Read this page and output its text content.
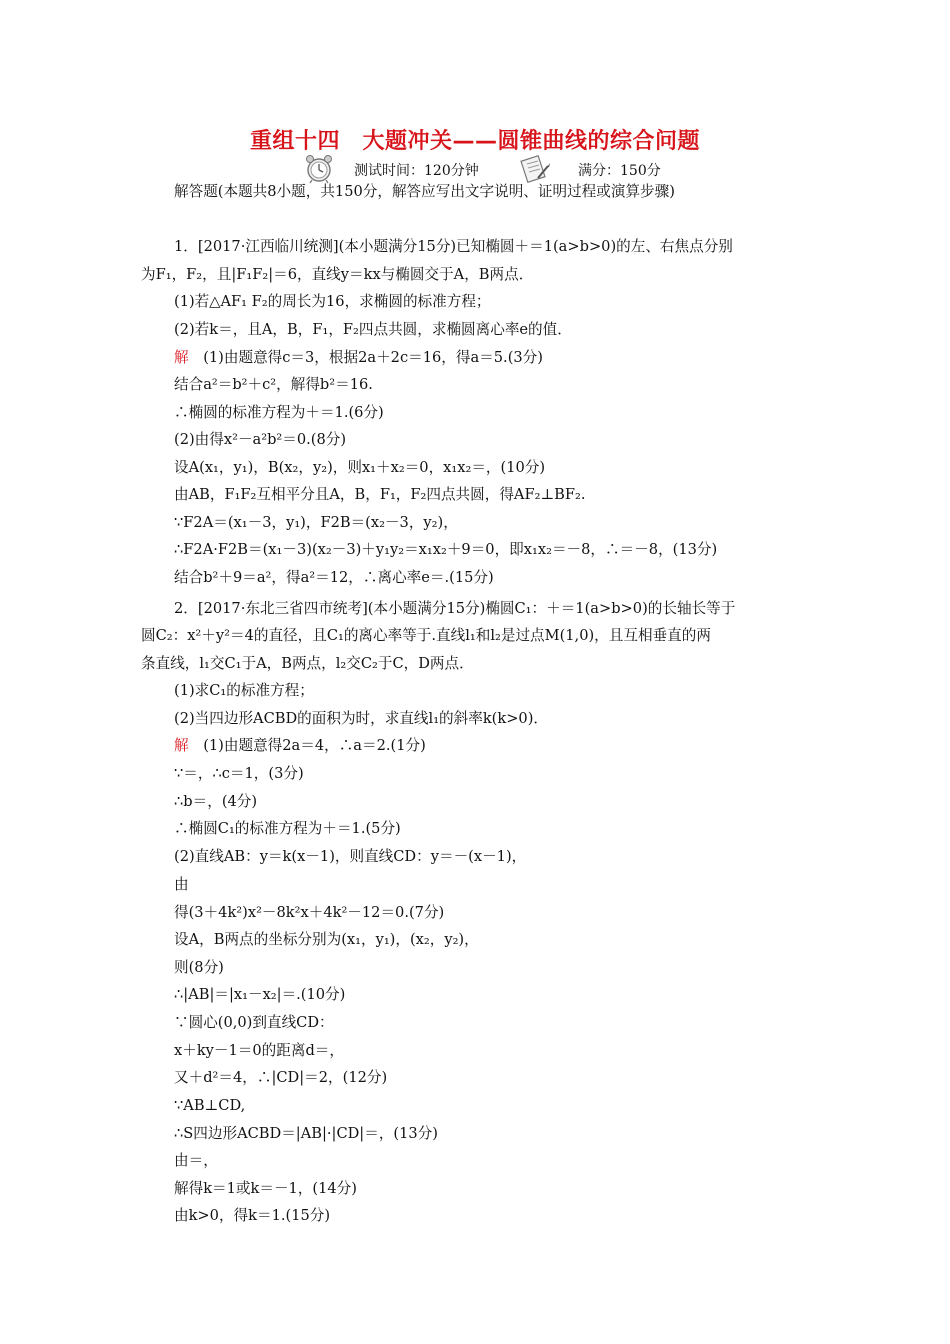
重组十四　大题冲关——圆锥曲线的综合问题
测试时间：120分钟	满分：150分
解答题(本题共8小题，共150分，解答应写出文字说明、证明过程或演算步骤)
1．[2017·江西临川统测](本小题满分15分)已知椭圆＋＝1(a>b>0)的左、右焦点分别
为F₁，F₂，且|F₁F₂|＝6，直线y＝kx与椭圆交于A，B两点．
(1)若△AF₁ F₂的周长为16，求椭圆的标准方程；
(2)若k＝，且A，B，F₁，F₂四点共圆，求椭圆离心率e的值．
解　(1)由题意得c＝3，根据2a＋2c＝16，得a＝5.(3分)
结合a²＝b²＋c²，解得b²＝16.
∴椭圆的标准方程为＋＝1.(6分)
(2)由得x²－a²b²＝0.(8分)
设A(x₁，y₁)，B(x₂，y₂)，则x₁＋x₂＝0，x₁x₂＝，(10分)
由AB，F₁F₂互相平分且A，B，F₁，F₂四点共圆，得AF₂⊥BF₂.
∵F2A＝(x₁－3，y₁)，F2B＝(x₂－3，y₂)，
∴F2A·F2B＝(x₁－3)(x₂－3)＋y₁y₂＝x₁x₂＋9＝0，即x₁x₂＝－8，∴＝－8，(13分)
结合b²＋9＝a²，得a²＝12，∴离心率e＝.(15分)
2．[2017·东北三省四市统考](本小题满分15分)椭圆C₁：＋＝1(a>b>0)的长轴长等于
圆C₂：x²＋y²＝4的直径，且C₁的离心率等于.直线l₁和l₂是过点M(1,0)，且互相垂直的两
条直线，l₁交C₁于A，B两点，l₂交C₂于C，D两点．
(1)求C₁的标准方程；
(2)当四边形ACBD的面积为时，求直线l₁的斜率k(k>0)．
解　(1)由题意得2a＝4，∴a＝2.(1分)
∵＝，∴c＝1，(3分)
∴b＝，(4分)
∴椭圆C₁的标准方程为＋＝1.(5分)
(2)直线AB：y＝k(x－1)，则直线CD：y＝－(x－1)，
由
得(3＋4k²)x²－8k²x＋4k²－12＝0.(7分)
设A，B两点的坐标分别为(x₁，y₁)，(x₂，y₂)，
则(8分)
∴|AB|＝|x₁－x₂|＝.(10分)
∵圆心(0,0)到直线CD：
x＋ky－1＝0的距离d＝，
又＋d²＝4，∴|CD|＝2，(12分)
∵AB⊥CD,
∴S四边形ACBD＝|AB|·|CD|＝，(13分)
由＝，
解得k＝1或k＝－1，(14分)
由k>0，得k＝1.(15分)
